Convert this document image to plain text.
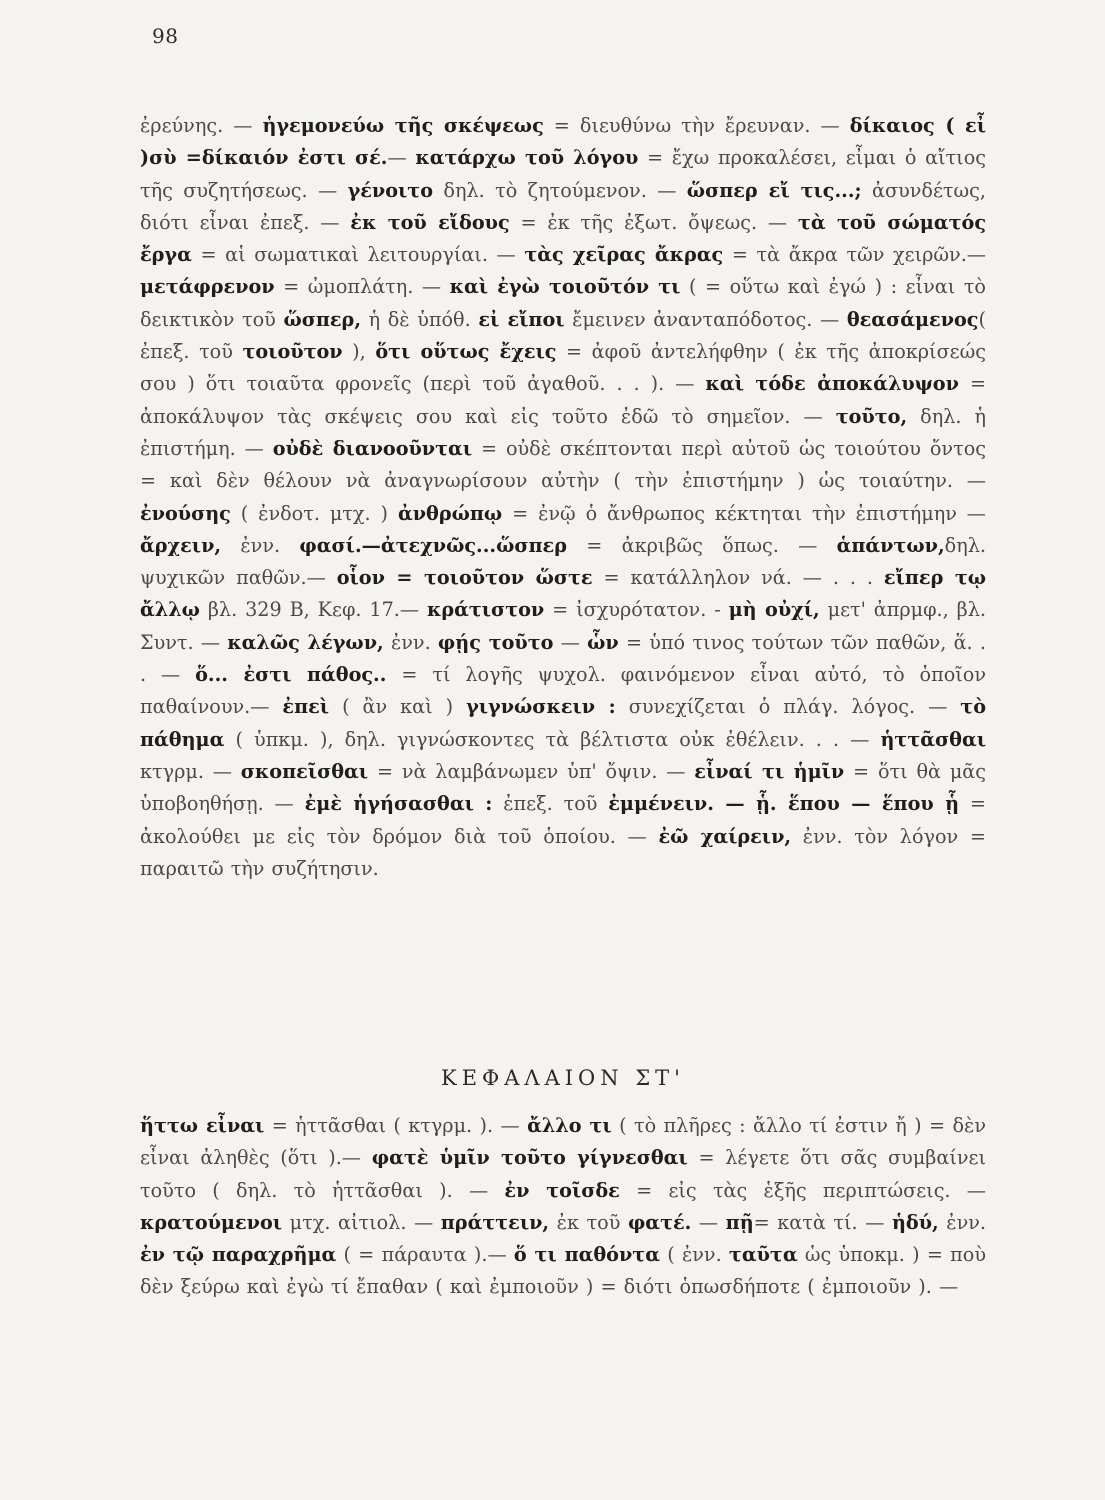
98
ἐρεύνης. — ἡγεμονεύω τῆς σκέψεως = διευθύνω τὴν ἔρευναν. — δίκαιος ( εἶ )σὺ =δίκαιόν ἐστι σέ.— κατάρχω τοῦ λόγου = ἔχω προκαλέσει, εἶμαι ὁ αἴτιος τῆς συζητήσεως. — γένοιτο δηλ. τὸ ζητούμενον. — ὥσπερ εἴ τις...; ἀσυνδέτως, διότι εἶναι ἐπεξ. — ἐκ τοῦ εἴδους = ἐκ τῆς ἐξωτ. ὄψεως. — τὰ τοῦ σώματός ἔργα = αἱ σωματικαὶ λειτουργίαι. — τὰς χεῖρας ἄκρας = τὰ ἄκρα τῶν χειρῶν.— μετάφρενον = ὠμοπλάτη. — καὶ ἐγὼ τοιοῦτόν τι ( = οὕτω καὶ ἐγώ ) : εἶναι τὸ δεικτικὸν τοῦ ὥσπερ, ἡ δὲ ὑπόθ. εἰ εἴποι ἔμεινεν ἀνανταπόδοτος. — θεασάμενος( ἐπεξ. τοῦ τοιοῦτον ), ὅτι οὕτως ἔχεις = ἀφοῦ ἀντελήφθην ( ἐκ τῆς ἀποκρίσεώς σου ) ὅτι τοιαῦτα φρονεῖς (περὶ τοῦ ἀγαθοῦ. . . ). — καὶ τόδε ἀποκάλυψον = ἀποκάλυψον τὰς σκέψεις σου καὶ εἰς τοῦτο ἐδῶ τὸ σημεῖον. — τοῦτο, δηλ. ἡ ἐπιστήμη. — οὐδὲ διανοοῦνται = οὐδὲ σκέπτονται περὶ αὐτοῦ ὡς τοιούτου ὄντος = καὶ δὲν θέλουν νὰ ἀναγνωρίσουν αὐτὴν ( τὴν ἐπιστήμην ) ὡς τοιαύτην. — ἐνούσης ( ἐνδοτ. μτχ. ) ἀνθρώπῳ = ἐνῷ ὁ ἄνθρωπος κέκτηται τὴν ἐπιστήμην — ἄρχειν, ἐνν. φασί.—ἀτεχνῶς...ὥσπερ = ἀκριβῶς ὅπως. — ἁπάντων,δηλ. ψυχικῶν παθῶν.— οἷον = τοιοῦτον ὥστε = κατάλληλον νά. — . . . εἴπερ τῳ ἄλλῳ βλ. 329 B, Κεφ. 17.— κράτιστον = ἰσχυρότατον. - μὴ οὐχί, μετ' ἀπρμφ., βλ. Συντ. — καλῶς λέγων, ἐνν. φῄς τοῦτο — ὧν = ὑπό τινος τούτων τῶν παθῶν, ἅ. . . — ὅ... ἐστι πάθος.. = τί λογῆς ψυχολ. φαινόμενον εἶναι αὐτό, τὸ ὁποῖον παθαίνουν.— ἐπεὶ ( ἂν καὶ ) γιγνώσκειν : συνεχίζεται ὁ πλάγ. λόγος. — τὸ πάθημα ( ὑπκμ. ), δηλ. γιγνώσκοντες τὰ βέλτιστα οὐκ ἐθέλειν. . . — ἡττᾶσθαι κτγρμ. — σκοπεῖσθαι = νὰ λαμβάνωμεν ὑπ' ὄψιν. — εἶναί τι ἡμῖν = ὅτι θὰ μᾶς ὑποβοηθήσῃ. — ἐμὲ ἡγήσασθαι : ἐπεξ. τοῦ ἐμμένειν. — ᾗ. ἕπου — ἕπου ᾗ = ἀκολούθει με εἰς τὸν δρόμον διὰ τοῦ ὁποίου. — ἐῶ χαίρειν, ἐνν. τὸν λόγον = παραιτῶ τὴν συζήτησιν.
ΚΕΦΑΛΑΙΟΝ ΣΤ'
ἥττω εἶναι = ἡττᾶσθαι ( κτγρμ. ). — ἄλλο τι ( τὸ πλῆρες : ἄλλο τί ἐστιν ἤ ) = δὲν εἶναι ἀληθὲς (ὅτι ).— φατὲ ὑμῖν τοῦτο γίγνεσθαι = λέγετε ὅτι σᾶς συμβαίνει τοῦτο ( δηλ. τὸ ἡττᾶσθαι ). — ἐν τοῖσδε = εἰς τὰς ἑξῆς περιπτώσεις. — κρατούμενοι μτχ. αἰτιολ. — πράττειν, ἐκ τοῦ φατέ. — πῇ= κατὰ τί. — ἡδύ, ἐνν. ἐν τῷ παραχρῆμα ( = πάραυτα ).— ὅ τι παθόντα ( ἐνν. ταῦτα ὡς ὑποκμ. ) = ποὺ δὲν ξεύρω καὶ ἐγὼ τί ἔπαθαν ( καὶ ἐμποιοῦν ) = διότι ὁπωσδήποτε ( ἐμποιοῦν ). —
